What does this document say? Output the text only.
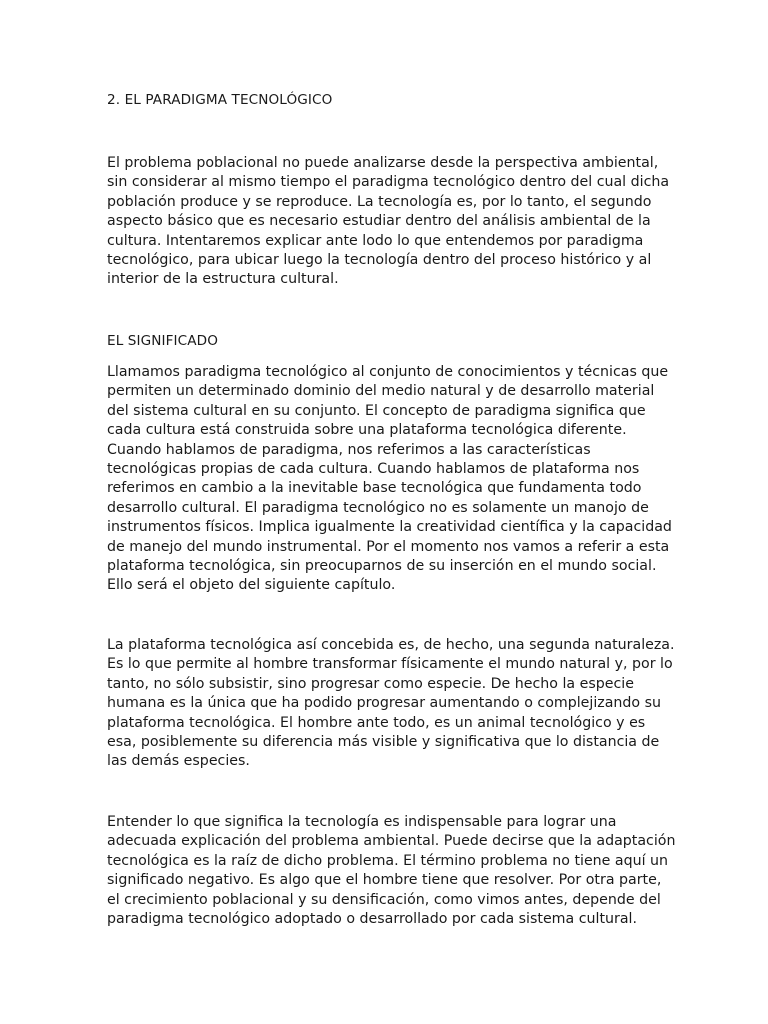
2. EL PARADIGMA TECNOLÓGICO
El problema poblacional no puede analizarse desde la perspectiva ambiental,
sin considerar al mismo tiempo el paradigma tecnológico dentro del cual dicha
población produce y se reproduce. La tecnología es, por lo tanto, el segundo
aspecto básico que es necesario estudiar dentro del análisis ambiental de la
cultura. Intentaremos explicar ante lodo lo que entendemos por paradigma
tecnológico, para ubicar luego la tecnología dentro del proceso histórico y al
interior de la estructura cultural.
EL SIGNIFICADO
Llamamos paradigma tecnológico al conjunto de conocimientos y técnicas que
permiten un determinado dominio del medio natural y de desarrollo material
del sistema cultural en su conjunto. El concepto de paradigma significa que
cada cultura está construida sobre una plataforma tecnológica diferente.
Cuando hablamos de paradigma, nos referimos a las características
tecnológicas propias de cada cultura. Cuando hablamos de plataforma nos
referimos en cambio a la inevitable base tecnológica que fundamenta todo
desarrollo cultural. El paradigma tecnológico no es solamente un manojo de
instrumentos físicos. Implica igualmente la creatividad científica y la capacidad
de manejo del mundo instrumental. Por el momento nos vamos a referir a esta
plataforma tecnológica, sin preocuparnos de su inserción en el mundo social.
Ello será el objeto del siguiente capítulo.
La plataforma tecnológica así concebida es, de hecho, una segunda naturaleza.
Es lo que permite al hombre transformar físicamente el mundo natural y, por lo
tanto, no sólo subsistir, sino progresar como especie. De hecho la especie
humana es la única que ha podido progresar aumentando o complejizando su
plataforma tecnológica. El hombre ante todo, es un animal tecnológico y es
esa, posiblemente su diferencia más visible y significativa que lo distancia de
las demás especies.
Entender lo que significa la tecnología es indispensable para lograr una
adecuada explicación del problema ambiental. Puede decirse que la adaptación
tecnológica es la raíz de dicho problema. El término problema no tiene aquí un
significado negativo. Es algo que el hombre tiene que resolver. Por otra parte,
el crecimiento poblacional y su densificación, como vimos antes, depende del
paradigma tecnológico adoptado o desarrollado por cada sistema cultural.
